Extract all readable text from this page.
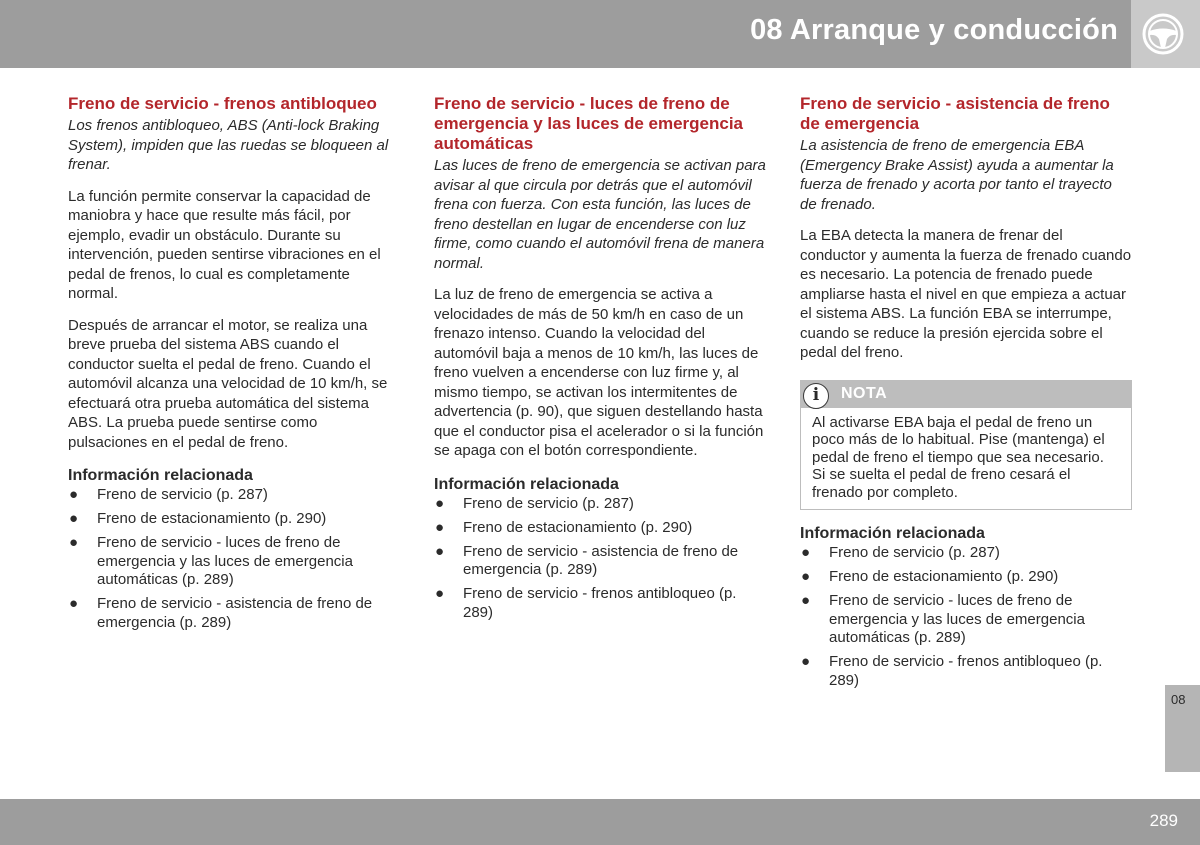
08 Arranque y conducción
Freno de servicio - frenos antibloqueo

Los frenos antibloqueo, ABS (Anti-lock Braking System), impiden que las ruedas se bloqueen al frenar.

La función permite conservar la capacidad de maniobra y hace que resulte más fácil, por ejemplo, evadir un obstáculo. Durante su intervención, pueden sentirse vibraciones en el pedal de frenos, lo cual es completamente normal.

Después de arrancar el motor, se realiza una breve prueba del sistema ABS cuando el conductor suelta el pedal de freno. Cuando el automóvil alcanza una velocidad de 10 km/h, se efectuará otra prueba automática del sistema ABS. La prueba puede sentirse como pulsaciones en el pedal de freno.

Información relacionada
● Freno de servicio (p. 287)
● Freno de estacionamiento (p. 290)
● Freno de servicio - luces de freno de emergencia y las luces de emergencia automáticas (p. 289)
● Freno de servicio - asistencia de freno de emergencia (p. 289)
Freno de servicio - luces de freno de emergencia y las luces de emergencia automáticas

Las luces de freno de emergencia se activan para avisar al que circula por detrás que el automóvil frena con fuerza. Con esta función, las luces de freno destellan en lugar de encenderse con luz firme, como cuando el automóvil frena de manera normal.

La luz de freno de emergencia se activa a velocidades de más de 50 km/h en caso de un frenazo intenso. Cuando la velocidad del automóvil baja a menos de 10 km/h, las luces de freno vuelven a encenderse con luz firme y, al mismo tiempo, se activan los intermitentes de advertencia (p. 90), que siguen destellando hasta que el conductor pisa el acelerador o si la función se apaga con el botón correspondiente.

Información relacionada
● Freno de servicio (p. 287)
● Freno de estacionamiento (p. 290)
● Freno de servicio - asistencia de freno de emergencia (p. 289)
● Freno de servicio - frenos antibloqueo (p. 289)
Freno de servicio - asistencia de freno de emergencia

La asistencia de freno de emergencia EBA (Emergency Brake Assist) ayuda a aumentar la fuerza de frenado y acorta por tanto el trayecto de frenado.

La EBA detecta la manera de frenar del conductor y aumenta la fuerza de frenado cuando es necesario. La potencia de frenado puede ampliarse hasta el nivel en que empieza a actuar el sistema ABS. La función EBA se interrumpe, cuando se reduce la presión ejercida sobre el pedal del freno.

i	NOTA
Al activarse EBA baja el pedal de freno un poco más de lo habitual. Pise (mantenga) el pedal de freno el tiempo que sea necesario. Si se suelta el pedal de freno cesará el frenado por completo.
Información relacionada
● Freno de servicio (p. 287)
● Freno de estacionamiento (p. 290)
● Freno de servicio - luces de freno de emergencia y las luces de emergencia automáticas (p. 289)
● Freno de servicio - frenos antibloqueo (p. 289)
08
289
